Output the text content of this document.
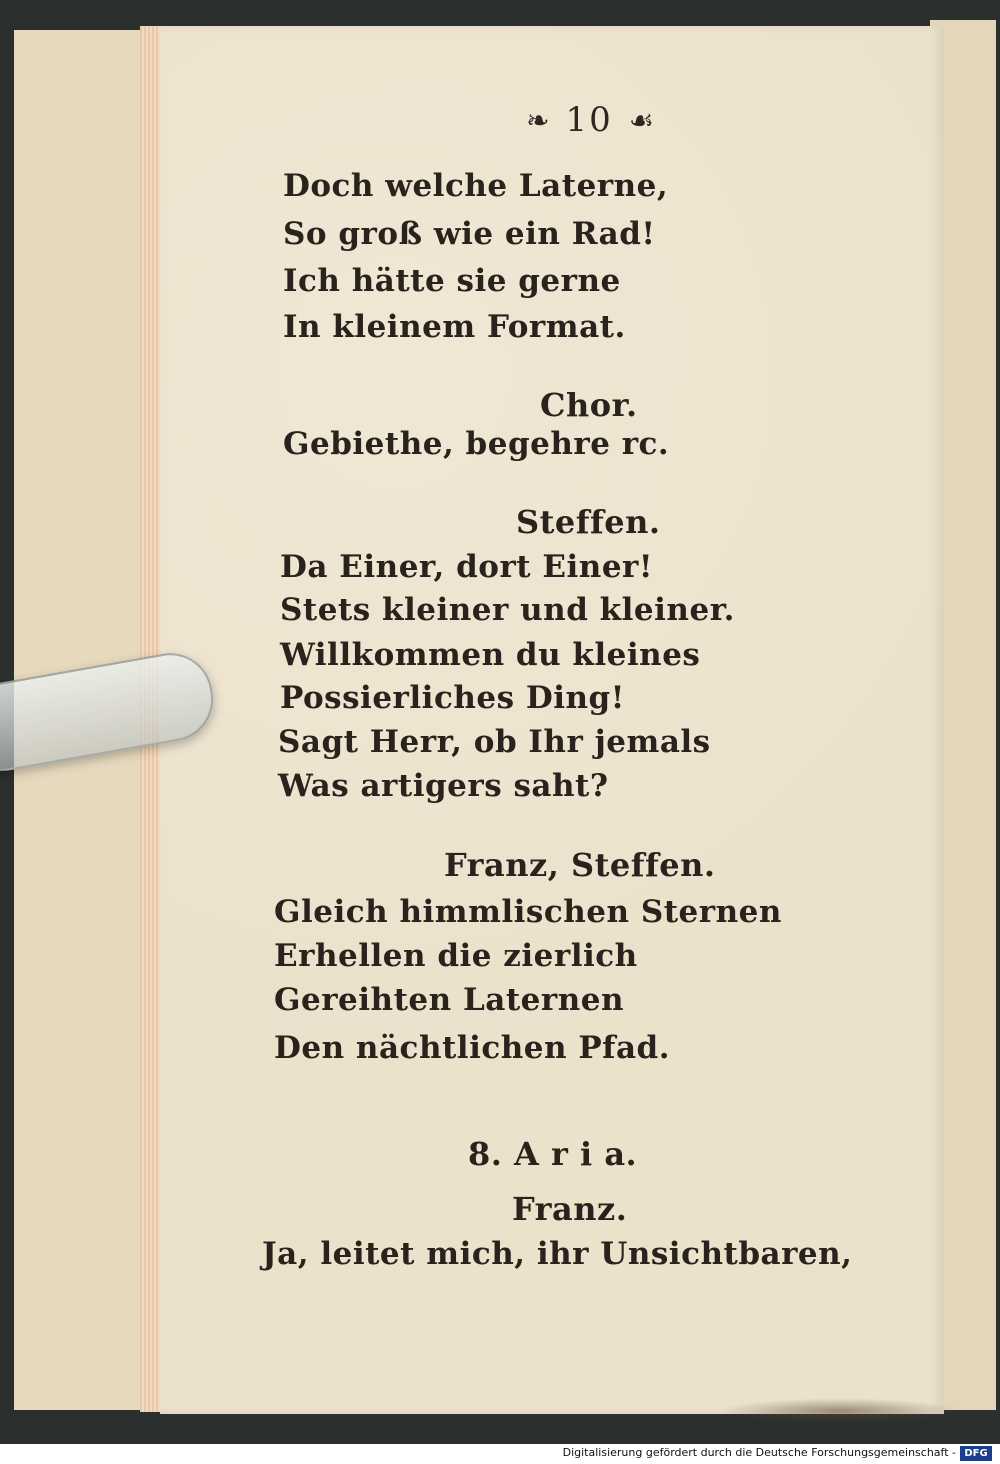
❧ 10 ☙
Doch welche Laterne,
So groß wie ein Rad!
Ich hätte sie gerne
In kleinem Format.
Chor.
Gebiethe, begehre rc.
Steffen.
Da Einer, dort Einer!
Stets kleiner und kleiner.
Willkommen du kleines
Possierliches Ding!
Sagt Herr, ob Ihr jemals
Was artigers saht?
Franz, Steffen.
Gleich himmlischen Sternen
Erhellen die zierlich
Gereihten Laternen
Den nächtlichen Pfad.
8. A r i a.
Franz.
Ja, leitet mich, ihr Unsichtbaren,
Digitalisierung gefördert durch die Deutsche Forschungsgemeinschaft - DFG
